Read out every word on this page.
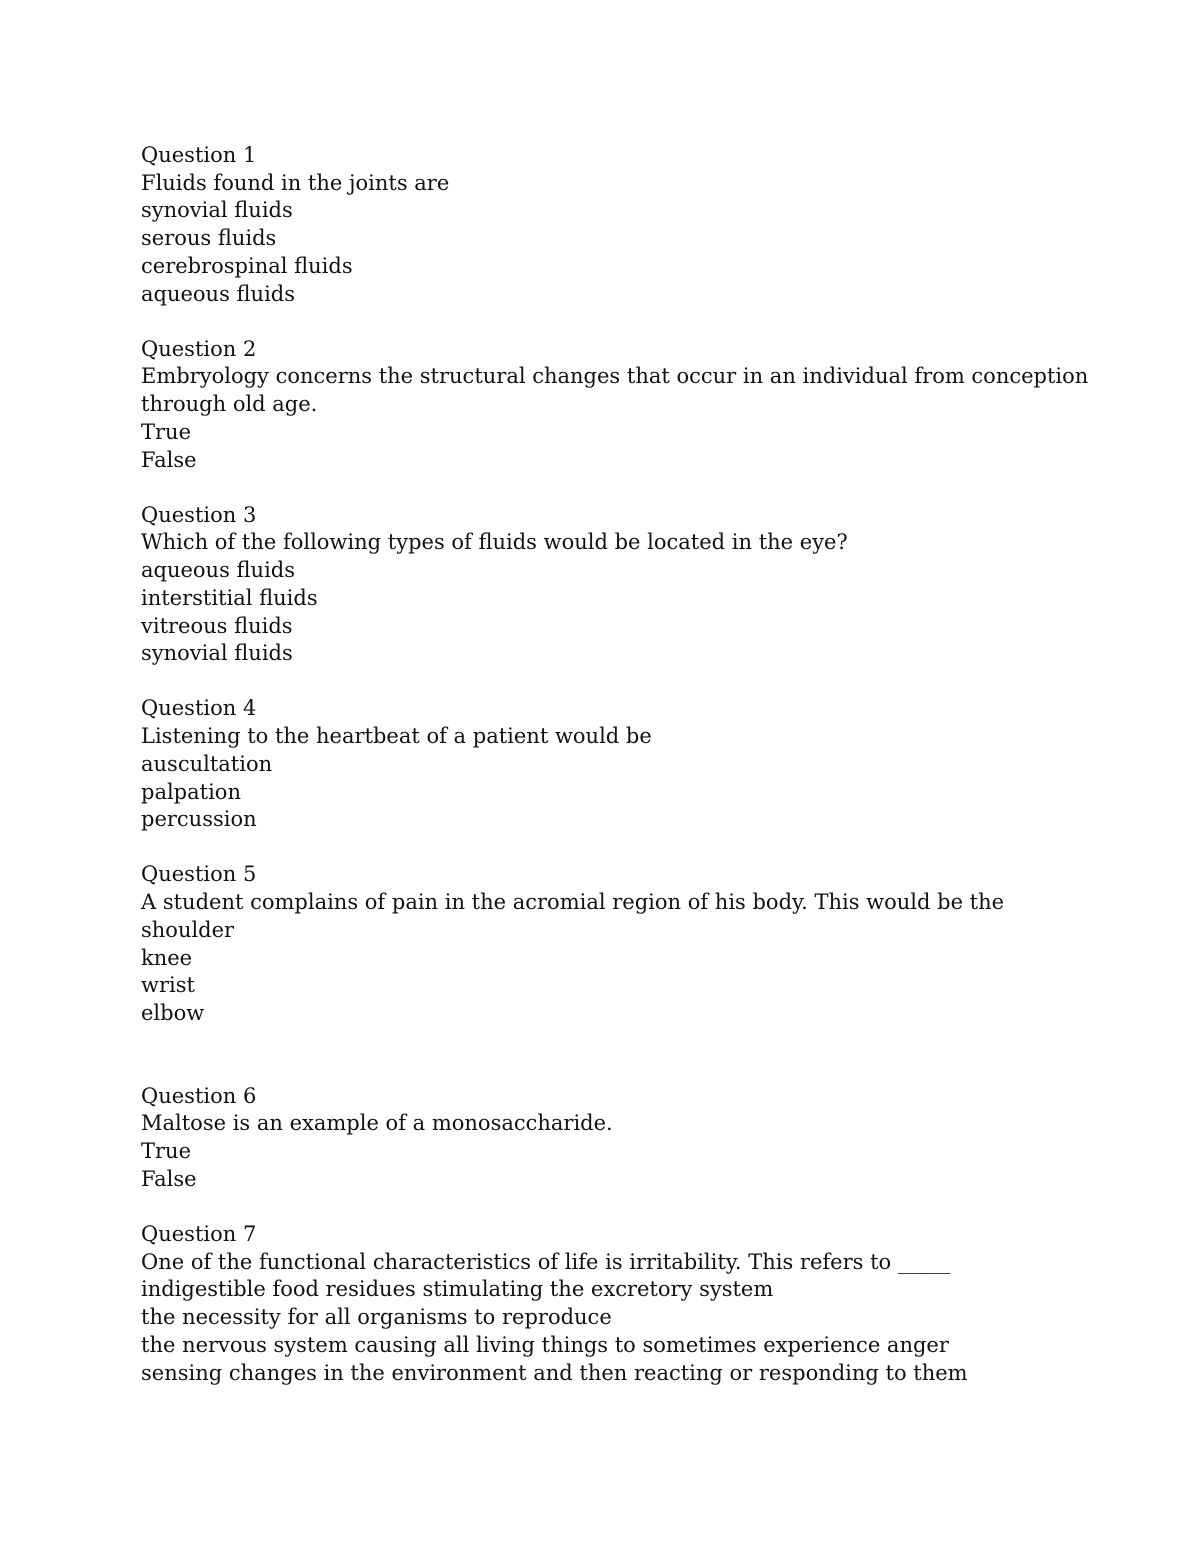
Question 1
Fluids found in the joints are
synovial fluids
serous fluids
cerebrospinal fluids
aqueous fluids
Question 2
Embryology concerns the structural changes that occur in an individual from conception through old age.
True
False
Question 3
Which of the following types of fluids would be located in the eye?
aqueous fluids
interstitial fluids
vitreous fluids
synovial fluids
Question 4
Listening to the heartbeat of a patient would be
auscultation
palpation
percussion
Question 5
A student complains of pain in the acromial region of his body. This would be the
shoulder
knee
wrist
elbow
Question 6
Maltose is an example of a monosaccharide.
True
False
Question 7
One of the functional characteristics of life is irritability. This refers to _____
indigestible food residues stimulating the excretory system
the necessity for all organisms to reproduce
the nervous system causing all living things to sometimes experience anger
sensing changes in the environment and then reacting or responding to them
